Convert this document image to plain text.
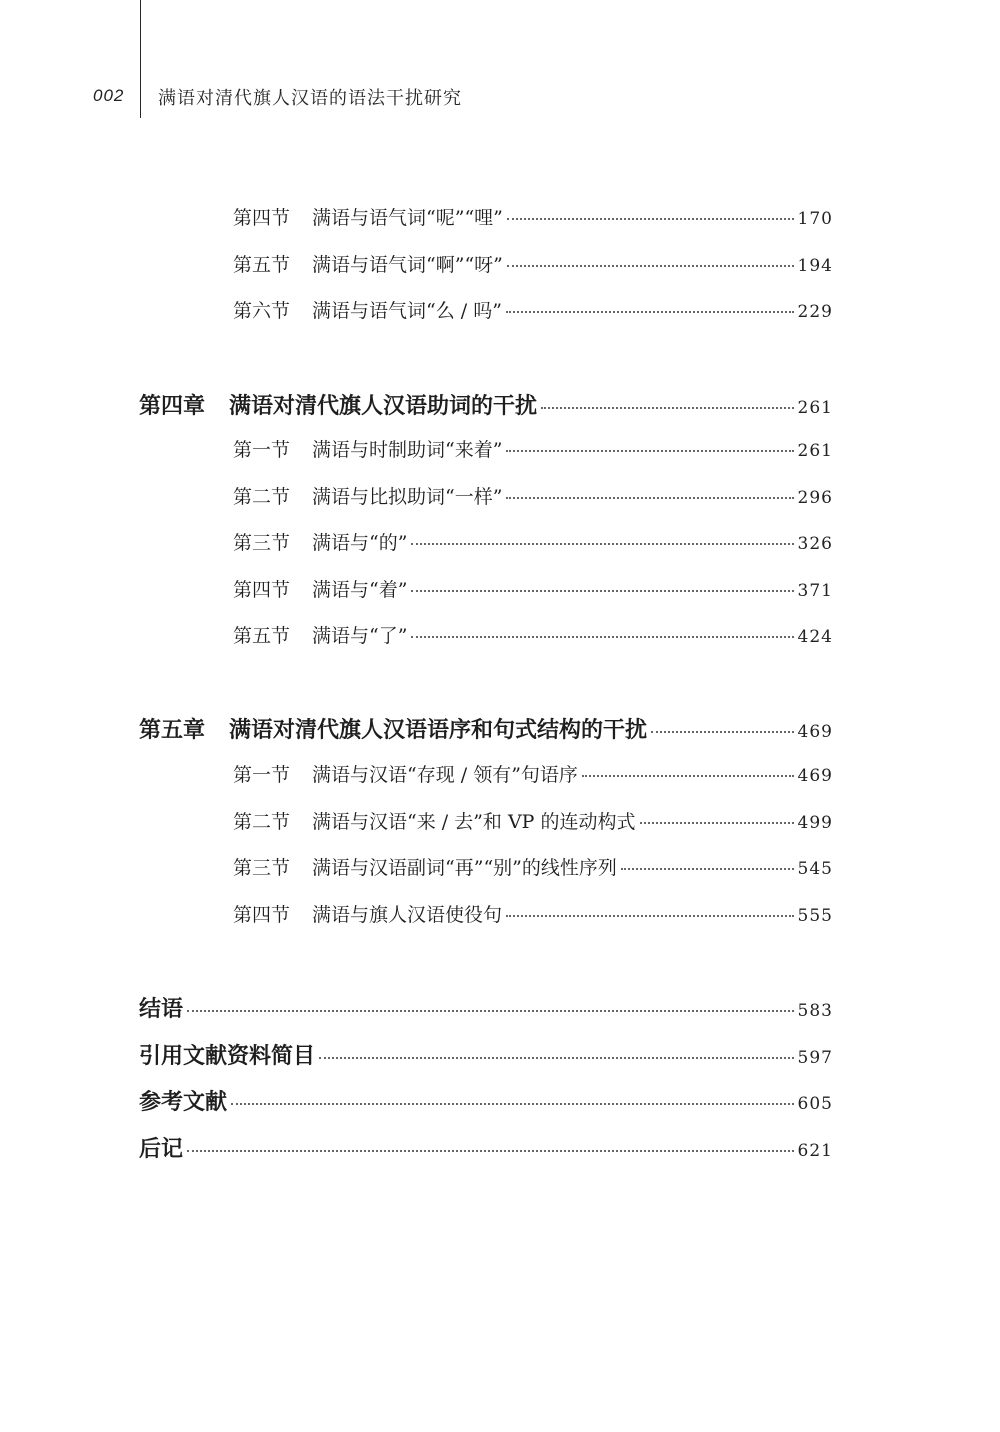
002 满语对清代旗人汉语的语法干扰研究
第四节 满语与语气词“呢”“哩”	170
第五节 满语与语气词“啊”“呀”	194
第六节 满语与语气词“么 / 吗”	229
第四章 满语对清代旗人汉语助词的干扰	261
第一节 满语与时制助词“来着”	261
第二节 满语与比拟助词“一样”	296
第三节 满语与“的”	326
第四节 满语与“着”	371
第五节 满语与“了”	424
第五章 满语对清代旗人汉语语序和句式结构的干扰	469
第一节 满语与汉语“存现 / 领有”句语序	469
第二节 满语与汉语“来 / 去”和 VP 的连动构式	499
第三节 满语与汉语副词“再”“别”的线性序列	545
第四节 满语与旗人汉语使役句	555
结语	583
引用文献资料简目	597
参考文献	605
后记	621
